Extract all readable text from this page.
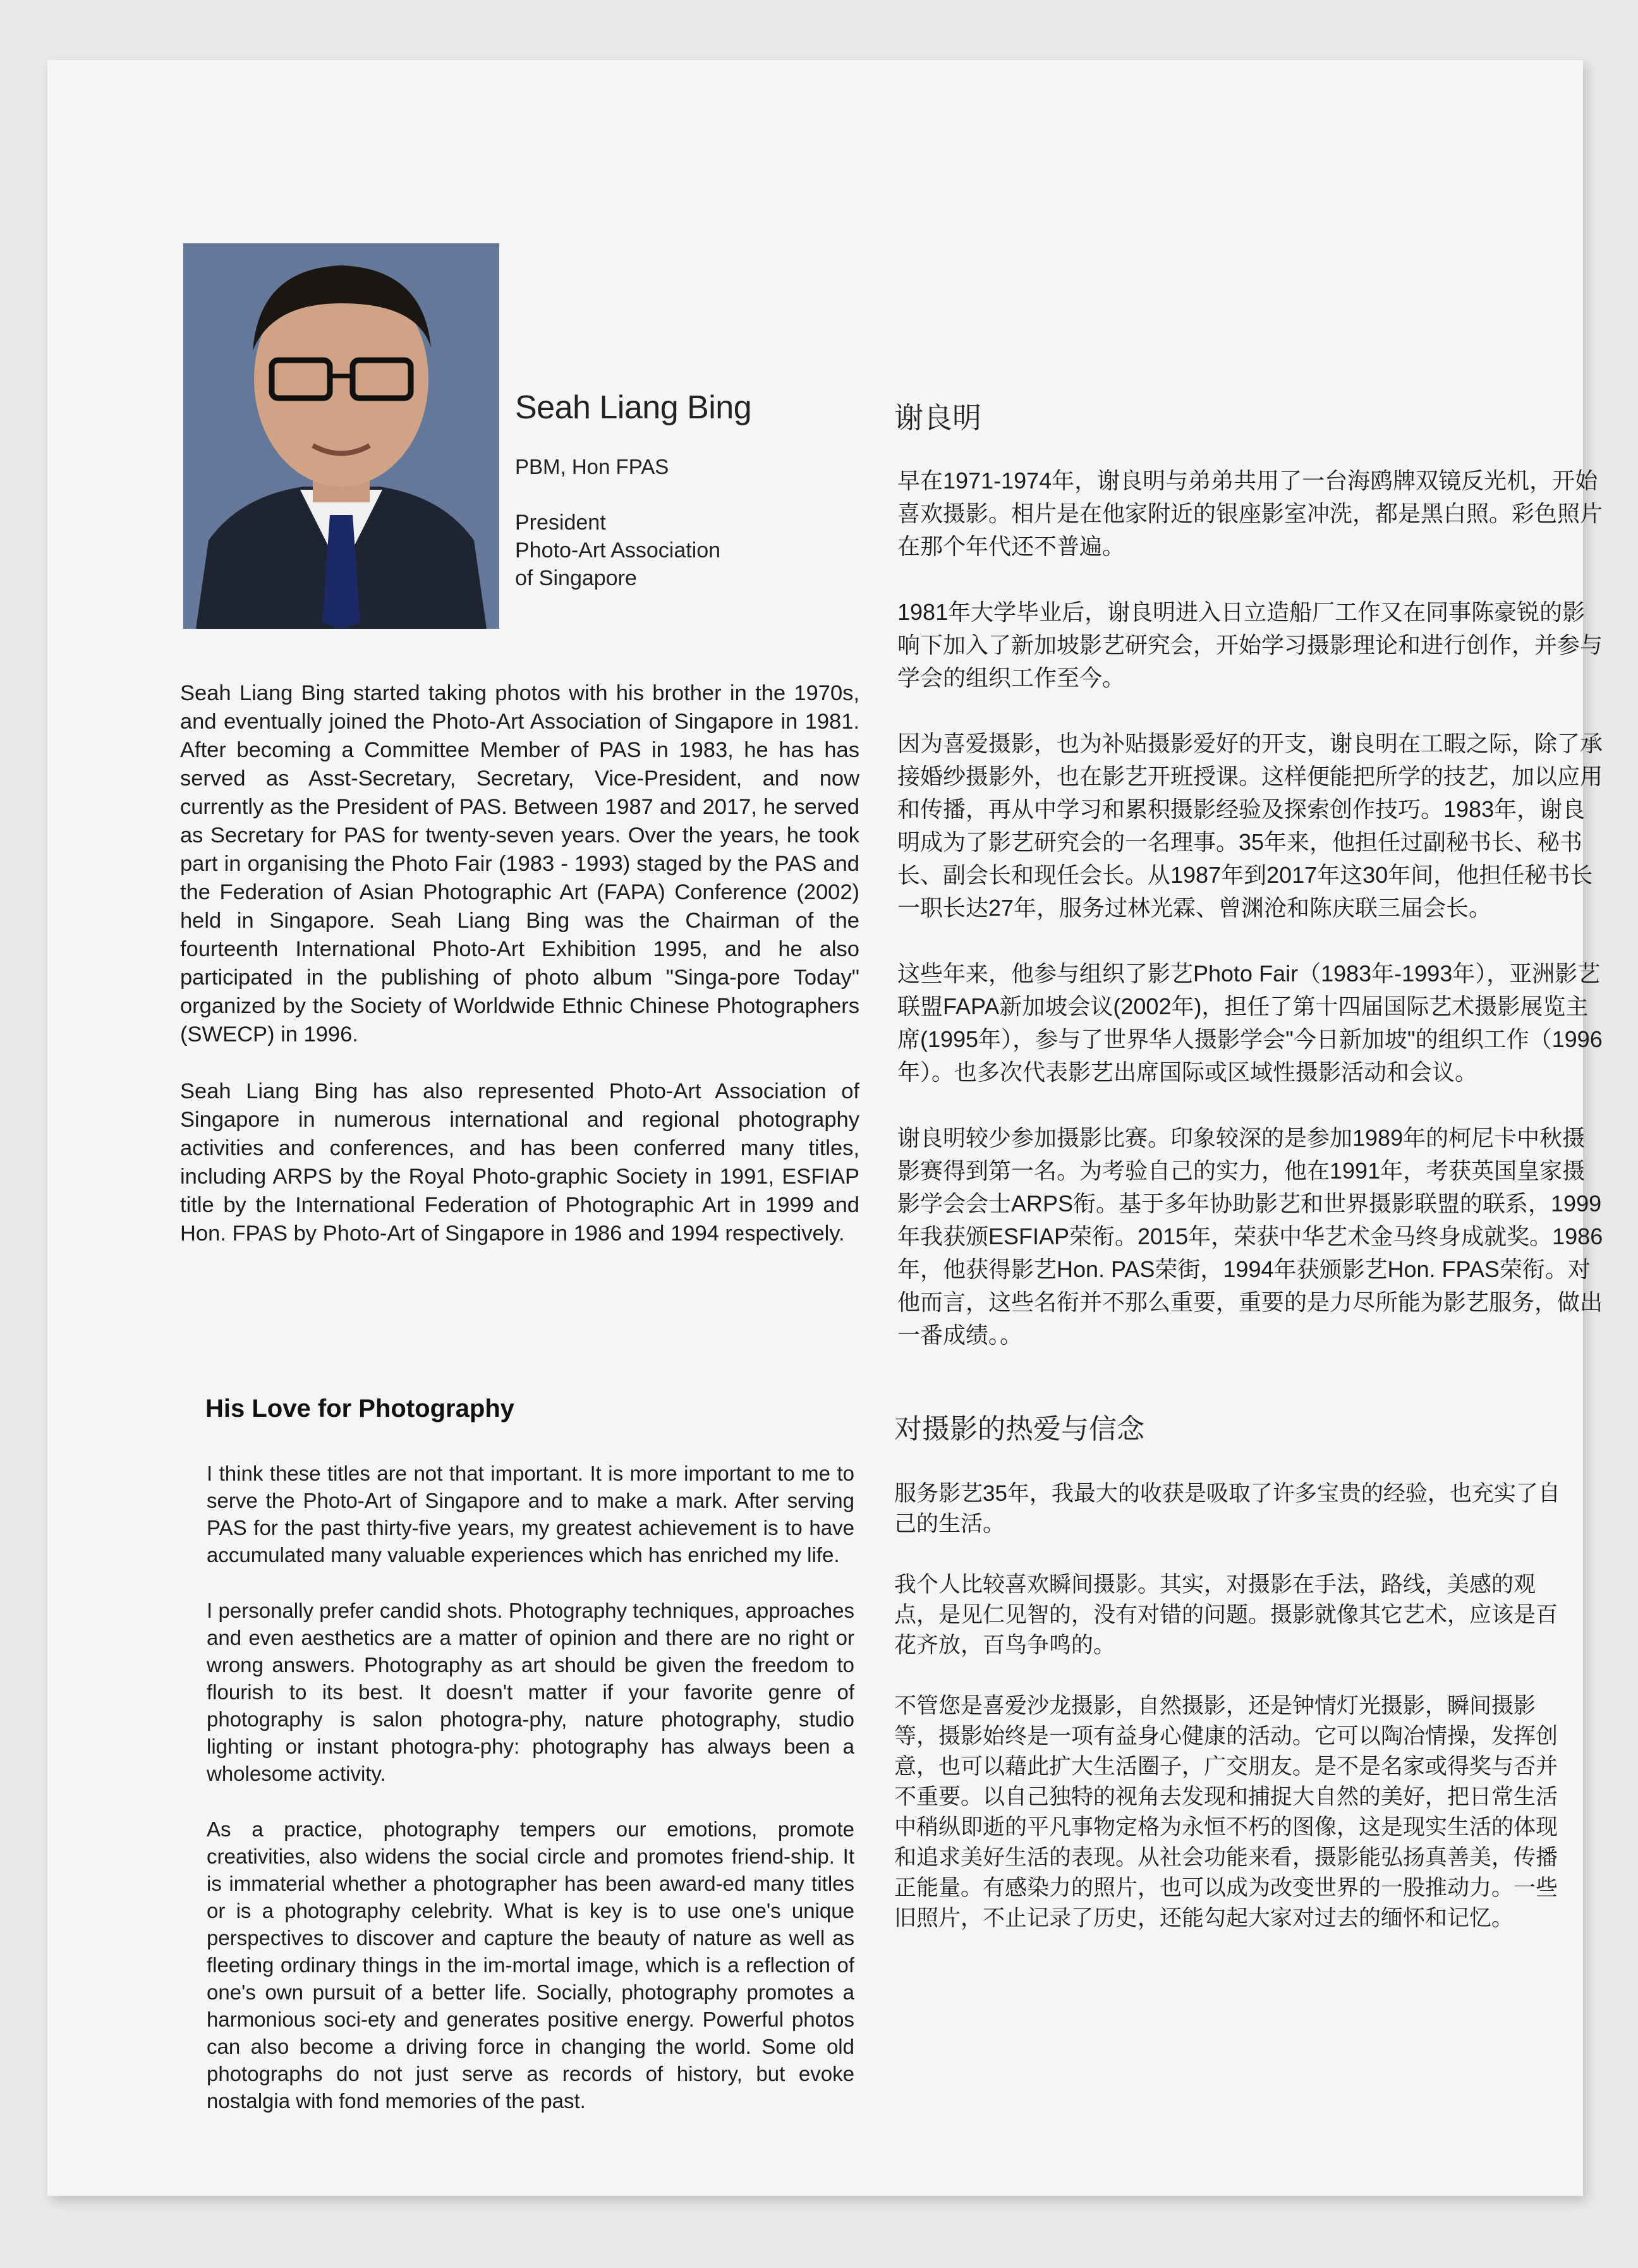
Seah Liang Bing
PBM, Hon FPAS
President
Photo-Art Association
of Singapore

Seah Liang Bing started taking photos with his brother in the 1970s, and eventually joined the Photo-Art Association of Singapore in 1981. After becoming a Committee Member of PAS in 1983, he has has served as Asst-Secretary, Secretary, Vice-President, and now currently as the President of PAS. Between 1987 and 2017, he served as Secretary for PAS for twenty-seven years. Over the years, he took part in organising the Photo Fair (1983 - 1993) staged by the PAS and the Federation of Asian Photographic Art (FAPA) Conference (2002) held in Singapore. Seah Liang Bing was the Chairman of the fourteenth International Photo-Art Exhibition 1995, and he also participated in the publishing of photo album "Singa-pore Today" organized by the Society of Worldwide Ethnic Chinese Photographers (SWECP) in 1996.

Seah Liang Bing has also represented Photo-Art Association of Singapore in numerous international and regional photography activities and conferences, and has been conferred many titles, including ARPS by the Royal Photo-graphic Society in 1991, ESFIAP title by the International Federation of Photographic Art in 1999 and Hon. FPAS by Photo-Art of Singapore in 1986 and 1994 respectively.

His Love for Photography

I think these titles are not that important. It is more important to me to serve the Photo-Art of Singapore and to make a mark. After serving PAS for the past thirty-five years, my greatest achievement is to have accumulated many valuable experiences which has enriched my life.

I personally prefer candid shots. Photography techniques, approaches and even aesthetics are a matter of opinion and there are no right or wrong answers. Photography as art should be given the freedom to flourish to its best. It doesn't matter if your favorite genre of photography is salon photogra-phy, nature photography, studio lighting or instant photogra-phy: photography has always been a wholesome activity.

As a practice, photography tempers our emotions, promote creativities, also widens the social circle and promotes friend-ship. It is immaterial whether a photographer has been award-ed many titles or is a photography celebrity. What is key is to use one's unique perspectives to discover and capture the beauty of nature as well as fleeting ordinary things in the im-mortal image, which is a reflection of one's own pursuit of a better life. Socially, photography promotes a harmonious soci-ety and generates positive energy. Powerful photos can also become a driving force in changing the world. Some old photographs do not just serve as records of history, but evoke nostalgia with fond memories of the past.

谢良明

早在1971-1974年，谢良明与弟弟共用了一台海鸥牌双镜反光机，开始喜欢摄影。相片是在他家附近的银座影室冲洗，都是黑白照。彩色照片在那个年代还不普遍。

1981年大学毕业后，谢良明进入日立造船厂工作又在同事陈豪锐的影响下加入了新加坡影艺研究会，开始学习摄影理论和进行创作，并参与学会的组织工作至今。

因为喜爱摄影，也为补贴摄影爱好的开支，谢良明在工暇之际，除了承接婚纱摄影外，也在影艺开班授课。这样便能把所学的技艺，加以应用和传播，再从中学习和累积摄影经验及探索创作技巧。1983年，谢良明成为了影艺研究会的一名理事。35年来，他担任过副秘书长、秘书长、副会长和现任会长。从1987年到2017年这30年间，他担任秘书长一职长达27年，服务过林光霖、曾渊沧和陈庆联三届会长。

这些年来，他参与组织了影艺Photo Fair（1983年-1993年），亚洲影艺联盟FAPA新加坡会议(2002年)，担任了第十四届国际艺术摄影展览主席(1995年），参与了世界华人摄影学会"今日新加坡"的组织工作（1996年）。也多次代表影艺出席国际或区域性摄影活动和会议。

谢良明较少参加摄影比赛。印象较深的是参加1989年的柯尼卡中秋摄影赛得到第一名。为考验自己的实力，他在1991年，考获英国皇家摄影学会会士ARPS衔。基于多年协助影艺和世界摄影联盟的联系，1999年我获颁ESFIAP荣衔。2015年，荣获中华艺术金马终身成就奖。1986年，他获得影艺Hon. PAS荣街，1994年获颁影艺Hon. FPAS荣衔。对他而言，这些名衔并不那么重要，重要的是力尽所能为影艺服务，做出一番成绩。。

对摄影的热爱与信念

服务影艺35年，我最大的收获是吸取了许多宝贵的经验，也充实了自己的生活。

我个人比较喜欢瞬间摄影。其实，对摄影在手法，路线，美感的观点，是见仁见智的，没有对错的问题。摄影就像其它艺术，应该是百花齐放，百鸟争鸣的。

不管您是喜爱沙龙摄影，自然摄影，还是钟情灯光摄影，瞬间摄影等，摄影始终是一项有益身心健康的活动。它可以陶冶情操，发挥创意，也可以藉此扩大生活圈子，广交朋友。是不是名家或得奖与否并不重要。以自己独特的视角去发现和捕捉大自然的美好，把日常生活中稍纵即逝的平凡事物定格为永恒不朽的图像，这是现实生活的体现和追求美好生活的表现。从社会功能来看，摄影能弘扬真善美，传播正能量。有感染力的照片，也可以成为改变世界的一股推动力。一些旧照片，不止记录了历史，还能勾起大家对过去的缅怀和记忆。
